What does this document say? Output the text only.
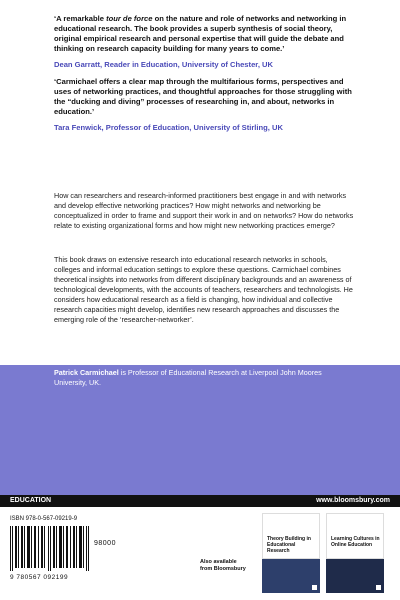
‘A remarkable tour de force on the nature and role of networks and networking in educational research. The book provides a superb synthesis of social theory, original empirical research and personal expertise that will guide the debate and thinking on research capacity building for many years to come.’

Dean Garratt, Reader in Education, University of Chester, UK

‘Carmichael offers a clear map through the multifarious forms, perspectives and uses of networking practices, and thoughtful approaches for those struggling with the “ducking and diving” processes of researching in, and about, networks in education.’

Tara Fenwick, Professor of Education, University of Stirling, UK

How can researchers and research-informed practitioners best engage in and with networks and develop effective networking practices? How might networks and networking be conceptualized in order to frame and support their work in and on networks? How do networks relate to existing organizational forms and how might new networking practices emerge?

This book draws on extensive research into educational research networks in schools, colleges and informal education settings to explore these questions. Carmichael combines theoretical insights into networks from different disciplinary backgrounds and an awareness of technological developments, with the accounts of teachers, researchers and technologists. He considers how educational research as a field is changing, how individual and collective research capacities might develop, identifies new research approaches and discusses the emerging role of the ‘researcher-networker’.

Patrick Carmichael is Professor of Educational Research at Liverpool John Moores University, UK.

EDUCATION	www.bloomsbury.com
ISBN 978-0-567-09219-9
98000
9 780567 092199
Also available from Bloomsbury
Theory Building in Educational Research
Learning Cultures in Online Education
